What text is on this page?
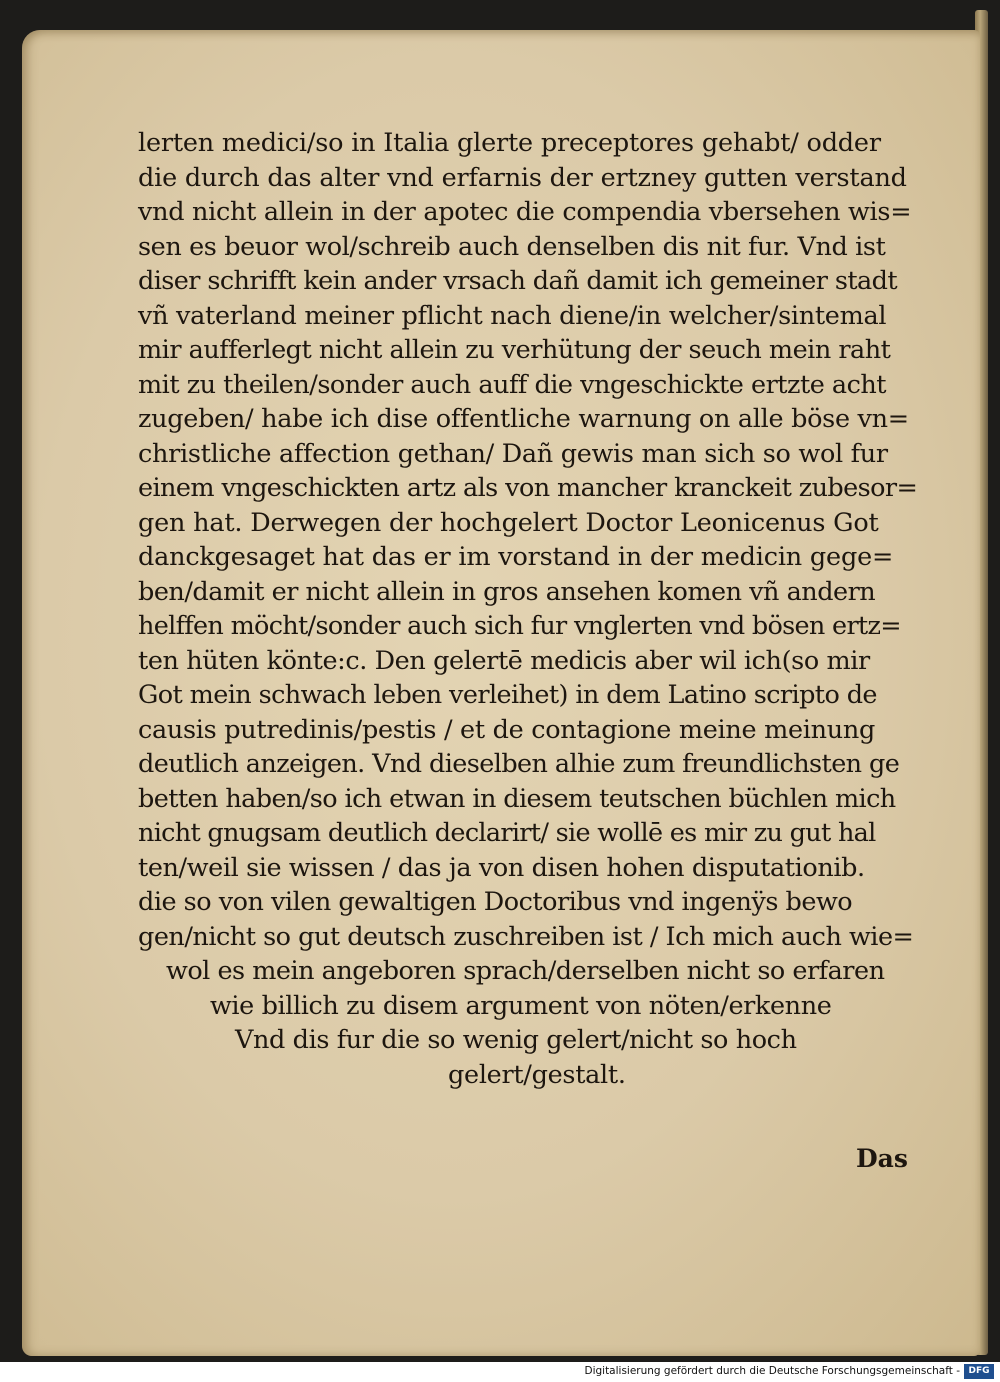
lerten medici/so in Italia glerte preceptores gehabt/ odder
die durch das alter vnd erfarnis der ertzney gutten verstand
vnd nicht allein in der apotec die compendia vbersehen wis=
sen es beuor wol/schreib auch denselben dis nit fur. Vnd ist
diser schrifft kein ander vrsach dañ damit ich gemeiner stadt
vñ vaterland meiner pflicht nach diene/in welcher/sintemal
mir aufferlegt nicht allein zu verhütung der seuch mein raht
mit zu theilen/sonder auch auff die vngeschickte ertzte acht
zugeben/ habe ich dise offentliche warnung on alle böse vn=
christliche affection gethan/ Dañ gewis man sich so wol fur
einem vngeschickten artz als von mancher kranckeit zubesor=
gen hat. Derwegen der hochgelert Doctor Leonicenus Got
danckgesaget hat das er im vorstand in der medicin gege=
ben/damit er nicht allein in gros ansehen komen vñ andern
helffen möcht/sonder auch sich fur vnglerten vnd bösen ertz=
ten hüten könte:c. Den gelertē medicis aber wil ich(so mir
Got mein schwach leben verleihet) in dem Latino scripto de
causis putredinis/pestis / et de contagione meine meinung
deutlich anzeigen. Vnd dieselben alhie zum freundlichsten ge
betten haben/so ich etwan in diesem teutschen büchlen mich
nicht gnugsam deutlich declarirt/ sie wollē es mir zu gut hal
ten/weil sie wissen / das ja von disen hohen disputationib.
die so von vilen gewaltigen Doctoribus vnd ingenÿs bewo
gen/nicht so gut deutsch zuschreiben ist / Ich mich auch wie=
wol es mein angeboren sprach/derselben nicht so erfaren
wie billich zu disem argument von nöten/erkenne
Vnd dis fur die so wenig gelert/nicht so hoch
gelert/gestalt.
Das
Digitalisierung gefördert durch die Deutsche Forschungsgemeinschaft - DFG
